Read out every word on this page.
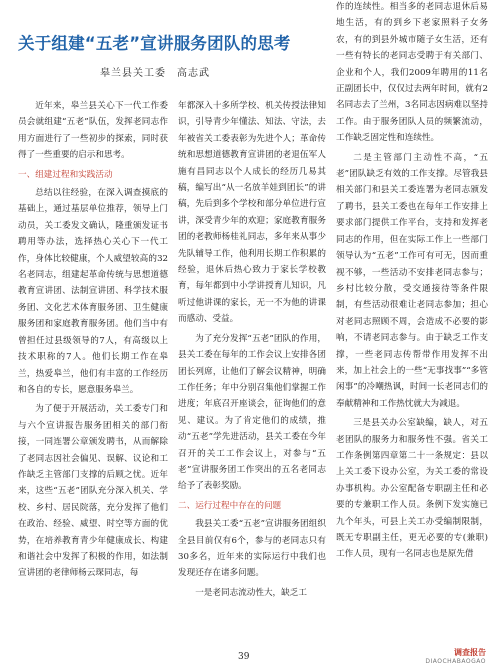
关于组建“五老”宣讲服务团队的思考
皋兰县关工委　高志武

近年来，皋兰县关心下一代工作委员会就组建“五老”队伍，发挥老同志作用方面进行了一些初步的探索，同时获得了一些重要的启示和思考。

一、组建过程和实践活动

总结以往经验，在深入调查摸底的基础上，通过基层单位推荐，领导上门动员，关工委发文确认，隆重颁发证书聘用等办法，选择热心关心下一代工作，身体比较健康，个人威望较高的32名老同志，组建起革命传统与思想道德教育宣讲团、法制宣讲团、科学技术服务团、文化艺术体育服务团、卫生健康服务团和家庭教育服务团。他们当中有曾担任过县级领导的7人，有高级以上技术职称的7人。他们长期工作在皋兰，热爱皋兰，他们有丰富的工作经历和各自的专长，愿意服务皋兰。

为了便于开展活动，关工委专门和与六个宣讲报告服务团相关的部门衔接，一同连署公章颁发聘书，从而解除了老同志因社会偏见、误解、议论和工作缺乏主管部门支撑的后顾之忧。近年来，这些“五老”团队充分深入机关、学校、乡村、居民院落，充分发挥了他们在政治、经验、威望、时空等方面的优势，在培养教育青少年健康成长、构建和谐社会中发挥了积极的作用，如法制宣讲团的老律师杨云琛同志，每

年都深入十多所学校、机关传授法律知识，引导青少年懂法、知法、守法，去年被省关工委表彰为先进个人；革命传统和思想道德教育宣讲团的老退伍军人施有昌同志以个人成长的经历几易其稿，编写出“从一名放羊娃到团长”的讲稿，先后到多个学校和部分单位进行宣讲，深受青少年的欢迎；家庭教育服务团的老教师杨桂礼同志，多年来从事少先队辅导工作，他利用长期工作积累的经验，退休后热心致力于家长学校教育，每年都到中小学讲授育儿知识，凡听过他讲课的家长，无一不为他的讲课而感动、受益。

为了充分发挥“五老”团队的作用，县关工委在每年的工作会议上安排各团团长列席，让他们了解会议精神，明确工作任务；年中分别召集他们掌握工作进度；年底召开座谈会，征询他们的意见、建议。为了肯定他们的成绩，推动“五老”学先进活动，县关工委在今年召开的关工工作会议上，对参与“五老”宣讲服务团工作突出的五名老同志给予了表彰奖励。

二、运行过程中存在的问题

我县关工委“五老”宣讲服务团组织全县目前仅有6个，参与的老同志只有30多名，近年来的实际运行中我们也发现还存在诸多问题。

一是老同志流动性大，缺乏工

作的连续性。相当多的老同志退休后易地生活，有的到乡下老家照料子女务农，有的到县外城市随子女生活，还有一些有特长的老同志受聘于有关部门、企业和个人，我们2009年聘用的11名正副团长中，仅仅过去两年时间，就有2名同志去了兰州，3名同志因病难以坚持工作。由于服务团队人员的频繁流动，工作缺乏固定性和连续性。

二是主管部门主动性不高，“五老”团队缺乏有效的工作支撑。尽管我县相关部门和县关工委连署为老同志颁发了聘书，县关工委也在每年工作安排上要求部门提供工作平台，支持和发挥老同志的作用，但在实际工作上一些部门领导认为“五老”工作可有可无，因而重视不够，一些活动不安排老同志参与；乡村比较分散，受交通接待等条件限制，有些活动很难让老同志参加；担心对老同志照顾不周，会造成不必要的影响，不请老同志参与。由于缺乏工作支撑，一些老同志传帮带作用发挥不出来，加上社会上的一些“无事找事”“多管闲事”的冷嘲热讽，时间一长老同志们的奉献精神和工作热忱就大为减退。

三是县关办公室缺编，缺人，对五老团队的服务力和服务性不强。省关工工作条例第四章第二十一条规定：县以上关工委下设办公室，为关工委的常设办事机构。办公室配备专职副主任和必要的专兼职工作人员。条例下发实施已九个年头，可县上关工办受编制限制，既无专职副主任，更无必要的专(兼职)工作人员，现有一名同志也是原先借

39	调查报告
DIAOCHABAOGAO
